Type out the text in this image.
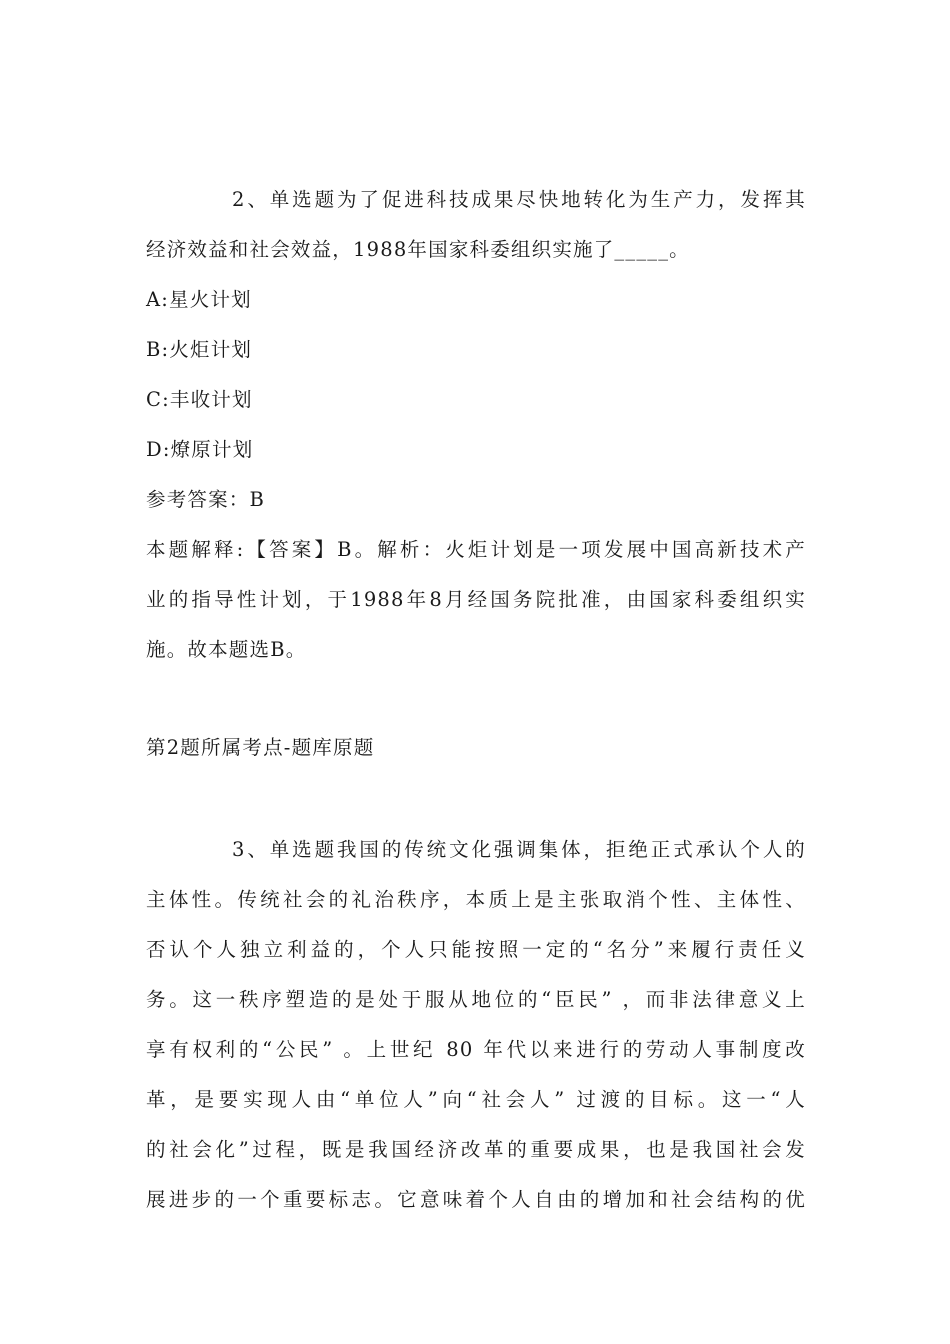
2、单选题为了促进科技成果尽快地转化为生产力，发挥其
经济效益和社会效益，1988年国家科委组织实施了_____。
A:星火计划
B:火炬计划
C:丰收计划
D:燎原计划
参考答案：B
本题解释:【答案】B。解析：火炬计划是一项发展中国高新技术产
业的指导性计划，于1988年8月经国务院批准，由国家科委组织实
施。故本题选B。
第2题所属考点-题库原题
3、单选题我国的传统文化强调集体，拒绝正式承认个人的
主体性。传统社会的礼治秩序，本质上是主张取消个性、主体性、
否认个人独立利益的，个人只能按照一定的“名分”来履行责任义
务。这一秩序塑造的是处于服从地位的“臣民” ，而非法律意义上
享有权利的“公民” 。上世纪 80 年代以来进行的劳动人事制度改
革，是要实现人由“单位人”向“社会人” 过渡的目标。这一“人
的社会化”过程，既是我国经济改革的重要成果，也是我国社会发
展进步的一个重要标志。它意味着个人自由的增加和社会结构的优
